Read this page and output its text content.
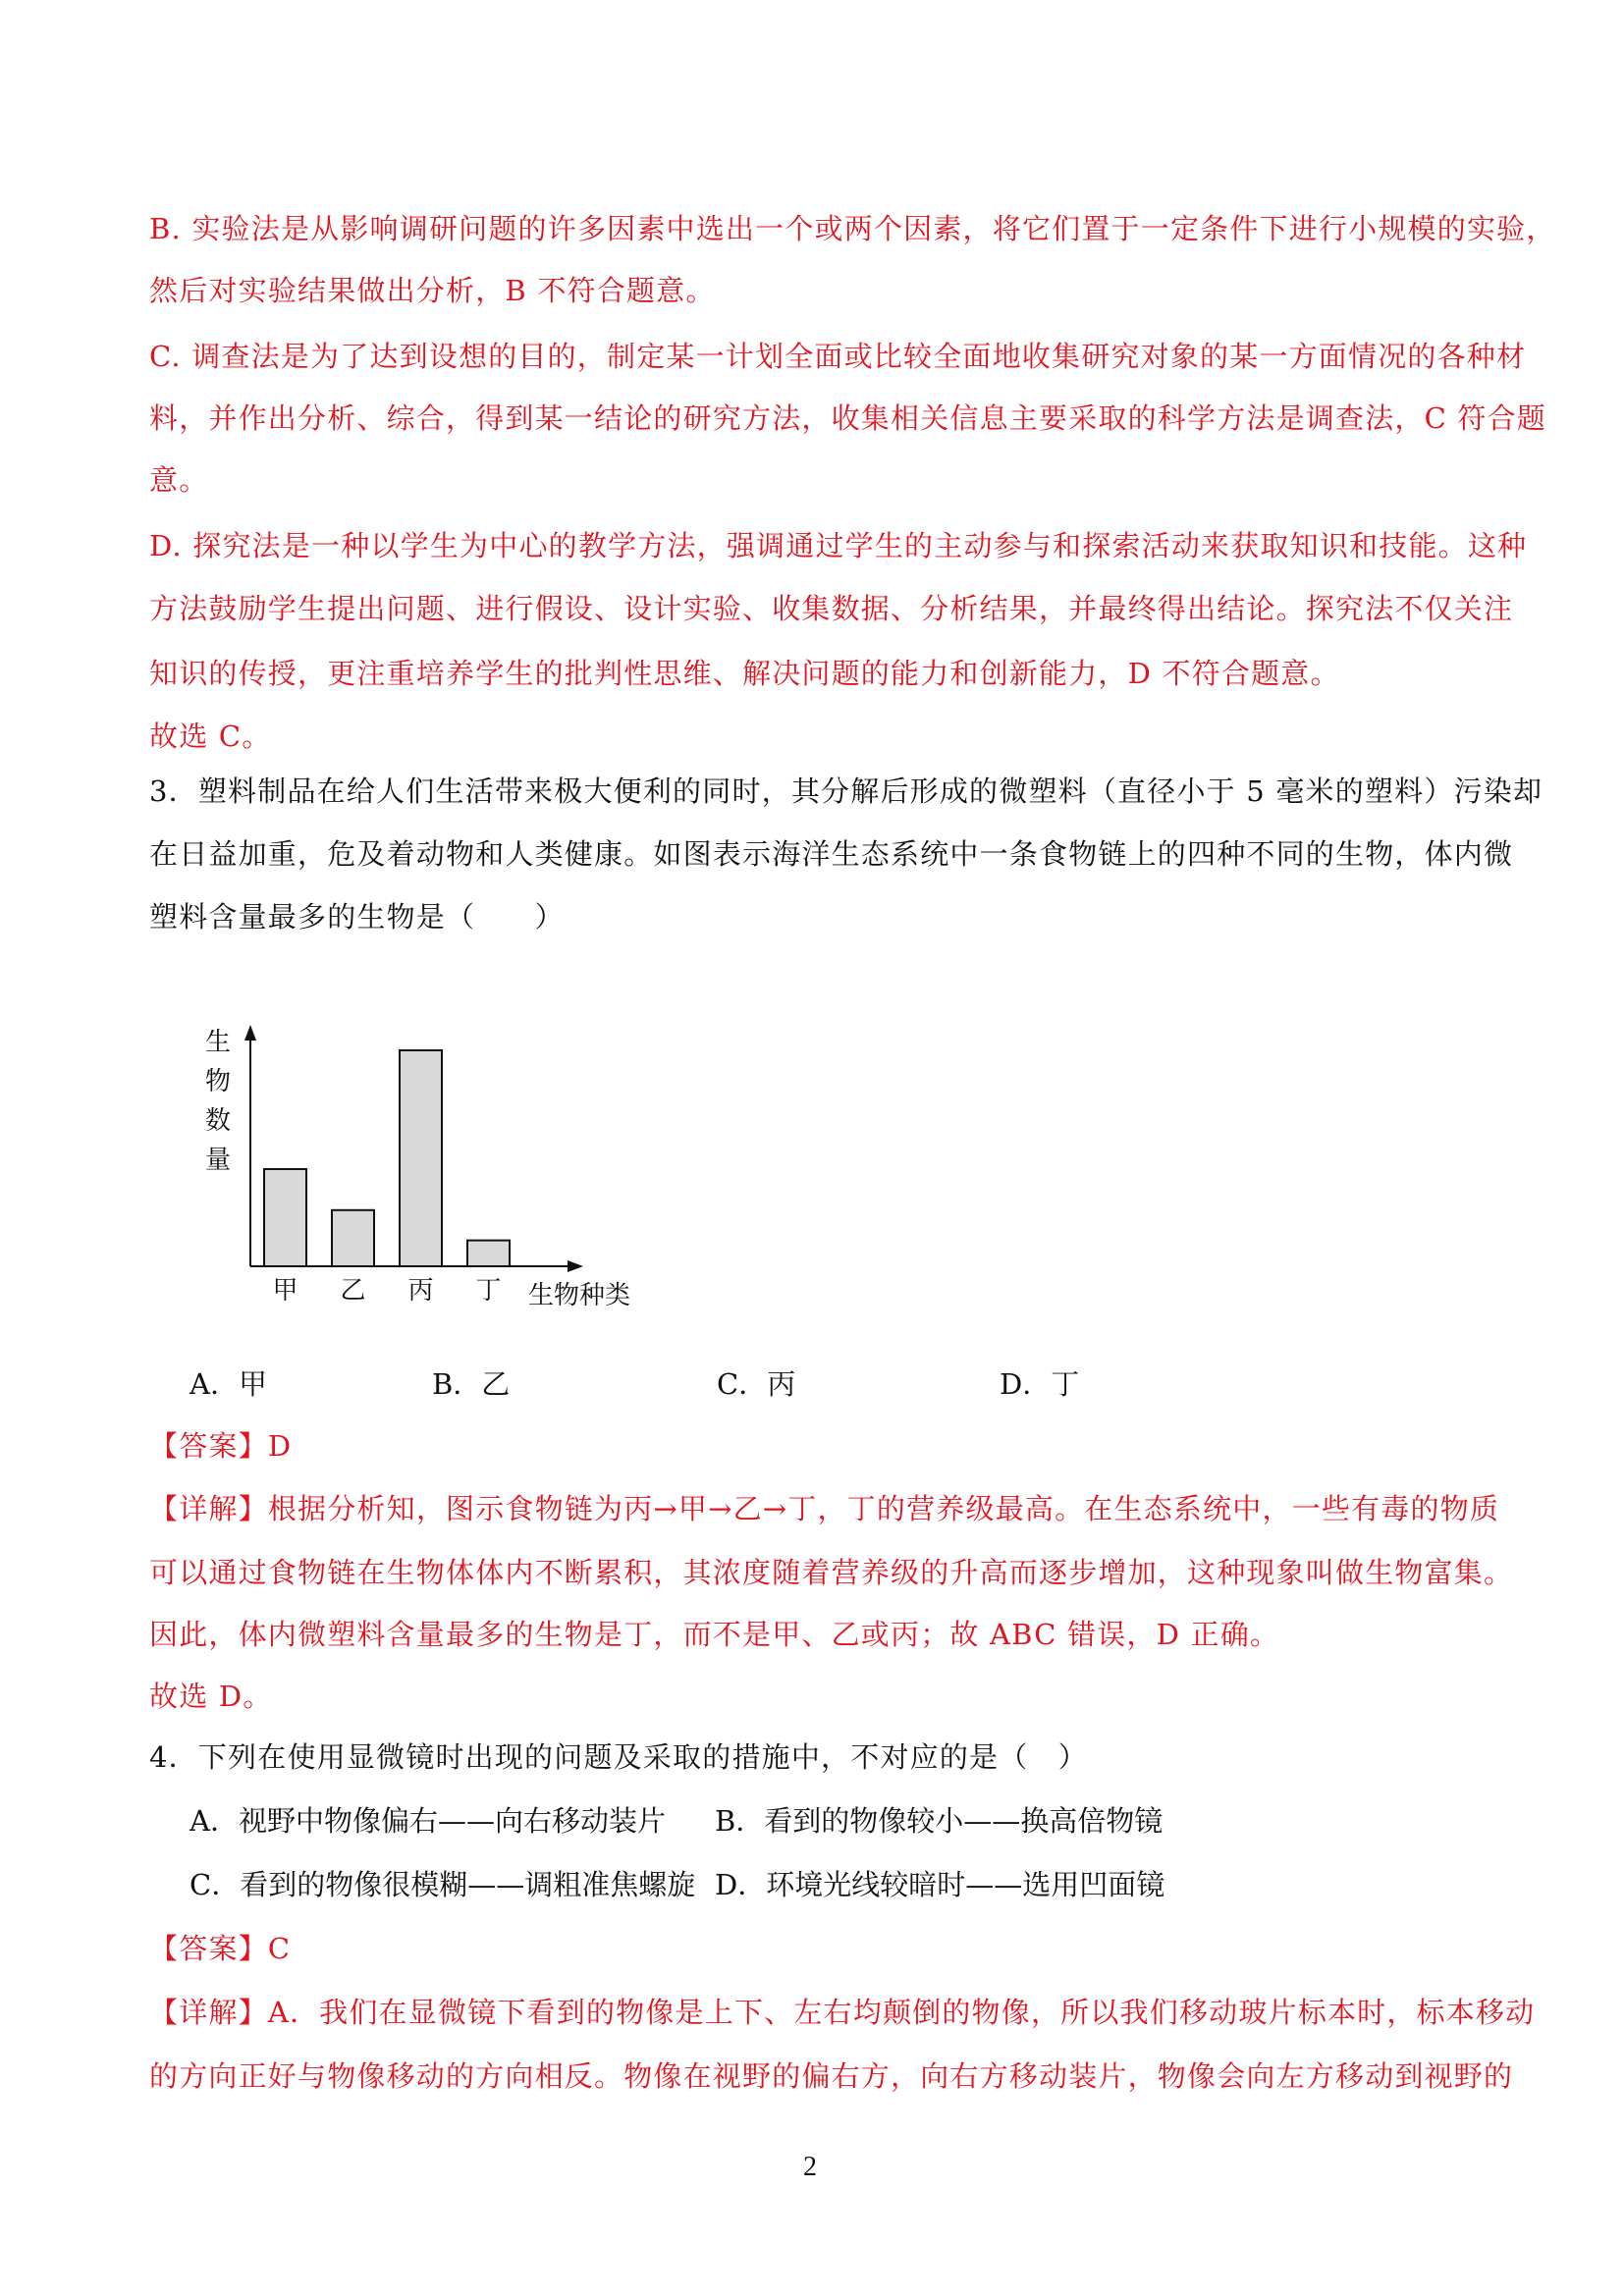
B. 实验法是从影响调研问题的许多因素中选出一个或两个因素，将它们置于一定条件下进行小规模的实验，
然后对实验结果做出分析，B 不符合题意。
C. 调查法是为了达到设想的目的，制定某一计划全面或比较全面地收集研究对象的某一方面情况的各种材
料，并作出分析、综合，得到某一结论的研究方法，收集相关信息主要采取的科学方法是调查法，C 符合题
意。
D. 探究法是一种以学生为中心的教学方法，强调通过学生的主动参与和探索活动来获取知识和技能。这种
方法鼓励学生提出问题、进行假设、设计实验、收集数据、分析结果，并最终得出结论。探究法不仅关注
知识的传授，更注重培养学生的批判性思维、解决问题的能力和创新能力，D 不符合题意。
故选 C。
3．塑料制品在给人们生活带来极大便利的同时，其分解后形成的微塑料（直径小于 5 毫米的塑料）污染却
在日益加重，危及着动物和人类健康。如图表示海洋生态系统中一条食物链上的四种不同的生物，体内微
塑料含量最多的生物是（　　）
生
物
数
量
甲 乙 丙 丁 生物种类
A．甲	B．乙	C．丙	D．丁
【答案】D
【详解】根据分析知，图示食物链为丙→甲→乙→丁，丁的营养级最高。在生态系统中，一些有毒的物质
可以通过食物链在生物体体内不断累积，其浓度随着营养级的升高而逐步增加，这种现象叫做生物富集。
因此，体内微塑料含量最多的生物是丁，而不是甲、乙或丙；故 ABC 错误，D 正确。
故选 D。
4．下列在使用显微镜时出现的问题及采取的措施中，不对应的是（　）
A．视野中物像偏右——向右移动装片 B．看到的物像较小——换高倍物镜
C．看到的物像很模糊——调粗准焦螺旋 D．环境光线较暗时——选用凹面镜
【答案】C
【详解】A．我们在显微镜下看到的物像是上下、左右均颠倒的物像，所以我们移动玻片标本时，标本移动
的方向正好与物像移动的方向相反。物像在视野的偏右方，向右方移动装片，物像会向左方移动到视野的
2
